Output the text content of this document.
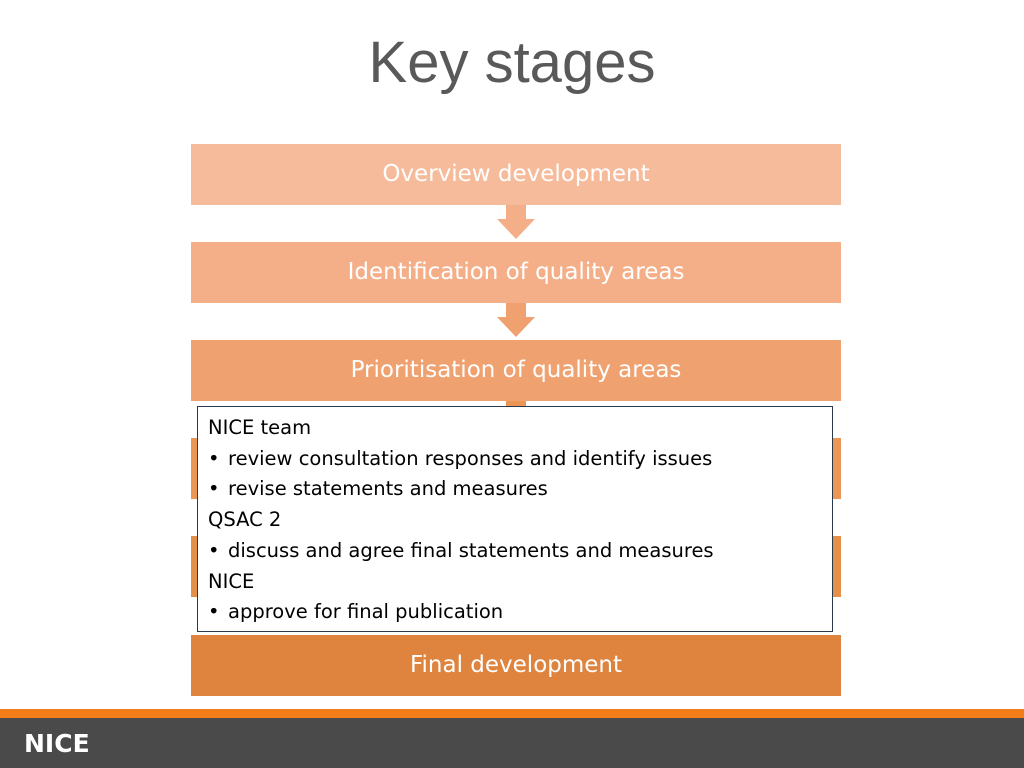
Key stages
Overview development
Identification of quality areas
Prioritisation of quality areas
Final development
NICE team
• review consultation responses and identify issues
• revise statements and measures
QSAC 2
• discuss and agree final statements and measures
NICE
• approve for final publication
NICE
